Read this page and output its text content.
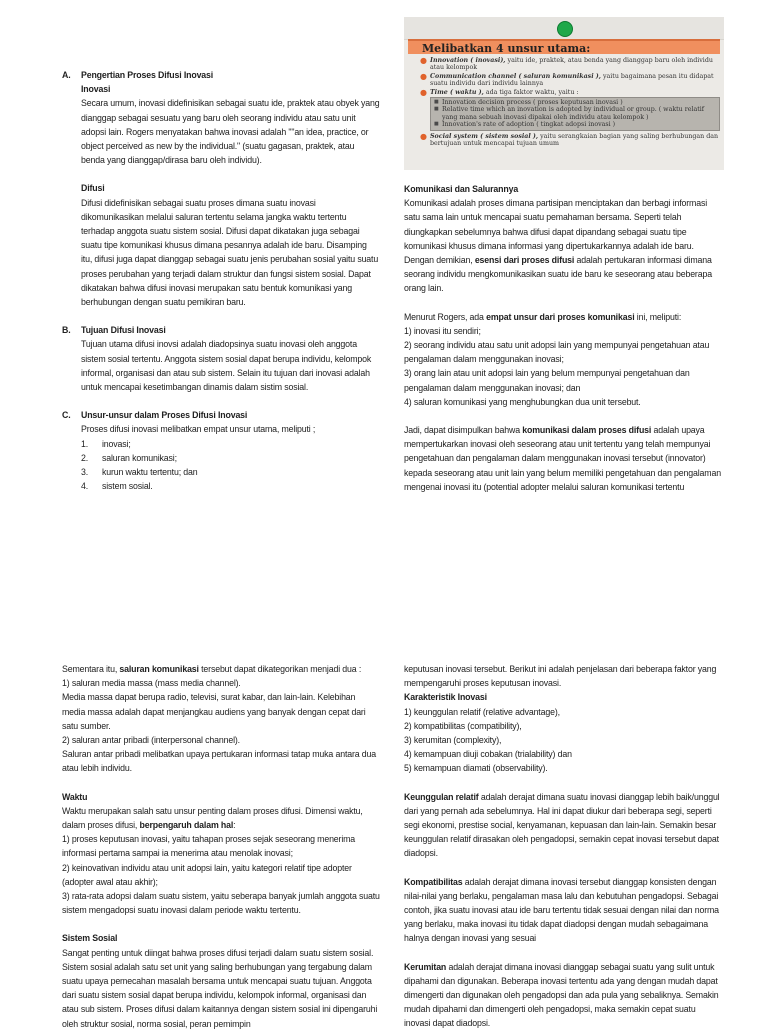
Melibatkan 4 unsur utama:
● Innovation ( inovasi), yaitu ide, praktek, atau benda yang dianggap baru oleh individu atau kelompok
● Communication channel ( saluran komunikasi ), yaitu bagaimana pesan itu didapat suatu individu dari individu lainnya
● Time ( waktu ), ada tiga faktor waktu, yaitu :
■ Innovation decision process ( proses keputusan inovasi )
■ Relative time which an inovation is adopted by individual or group. ( waktu relatif yang mana sebuah inovasi dipakai oleh individu atau kelompok )
■ Innovation's rate of adoption ( tingkat adopsi inovasi )
● Social system ( sistem sosial ), yaitu serangkaian bagian yang saling berhubungan dan bertujuan untuk mencapai tujuan umum
A.	Pengertian Proses Difusi Inovasi

Inovasi

Secara umum, inovasi didefinisikan sebagai suatu ide, praktek atau obyek yang dianggap sebagai sesuatu yang baru oleh seorang individu atau satu unit adopsi lain. Rogers menyatakan bahwa inovasi adalah ""an idea, practice, or object perceived as new by the individual." (suatu gagasan, praktek, atau benda yang dianggap/dirasa baru oleh individu).

Difusi

Difusi didefinisikan sebagai suatu proses dimana suatu inovasi dikomunikasikan melalui saluran tertentu selama jangka waktu tertentu terhadap anggota suatu sistem sosial. Difusi dapat dikatakan juga sebagai suatu tipe komunikasi khusus dimana pesannya adalah ide baru. Disamping itu, difusi juga dapat dianggap sebagai suatu jenis perubahan sosial yaitu suatu proses perubahan yang terjadi dalam struktur dan fungsi sistem sosial. Dapat dikatakan bahwa difusi inovasi merupakan satu bentuk komunikasi yang berhubungan dengan suatu pemikiran baru.

B.	Tujuan Difusi Inovasi

Tujuan utama difusi inovsi adalah diadopsinya suatu inovasi oleh anggota sistem sosial tertentu. Anggota sistem sosial dapat berupa individu, kelompok informal, organisasi dan atau sub sistem. Selain itu tujuan dari inovasi adalah untuk mencapai kesetimbangan dinamis dalam sistim sosial.

C.	Unsur-unsur dalam Proses Difusi Inovasi

Proses difusi inovasi melibatkan empat unsur utama, meliputi ;

1.	inovasi;
2.	saluran komunikasi;
3.	kurun waktu tertentu; dan
4.	sistem sosial.

Komunikasi dan Salurannya

Komunikasi adalah proses dimana partisipan menciptakan dan berbagi informasi satu sama lain untuk mencapai suatu pemahaman bersama. Seperti telah diungkapkan sebelumnya bahwa difusi dapat dipandang sebagai suatu tipe komunikasi khusus dimana informasi yang dipertukarkannya adalah ide baru. Dengan demikian, esensi dari proses difusi adalah pertukaran informasi dimana seorang individu mengkomunikasikan suatu ide baru ke seseorang atau beberapa orang lain.

Menurut Rogers, ada empat unsur dari proses komunikasi ini, meliputi:

1) inovasi itu sendiri;

2) seorang individu atau satu unit adopsi lain yang mempunyai pengetahuan atau pengalaman dalam menggunakan inovasi;

3) orang lain atau unit adopsi lain yang belum mempunyai pengetahuan dan pengalaman dalam menggunakan inovasi; dan

4) saluran komunikasi yang menghubungkan dua unit tersebut.

Jadi, dapat disimpulkan bahwa komunikasi dalam proses difusi adalah upaya mempertukarkan inovasi oleh seseorang atau unit tertentu yang telah mempunyai pengetahuan dan pengalaman dalam menggunakan inovasi tersebut (innovator) kepada seseorang atau unit lain yang belum memiliki pengetahuan dan pengalaman mengenai inovasi itu (potential adopter melalui saluran komunikasi tertentu

Sementara itu, saluran komunikasi tersebut dapat dikategorikan menjadi dua :

1) saluran media massa (mass media channel).

Media massa dapat berupa radio, televisi, surat kabar, dan lain-lain. Kelebihan media massa adalah dapat menjangkau audiens yang banyak dengan cepat dari satu sumber.

2) saluran antar pribadi (interpersonal channel).

Saluran antar pribadi melibatkan upaya pertukaran informasi tatap muka antara dua atau lebih individu.

Waktu

Waktu merupakan salah satu unsur penting dalam proses difusi. Dimensi waktu, dalam proses difusi, berpengaruh dalam hal:

1) proses keputusan inovasi, yaitu tahapan proses sejak seseorang menerima informasi pertama sampai ia menerima atau menolak inovasi;

2) keinovativan individu atau unit adopsi lain, yaitu kategori relatif tipe adopter (adopter awal atau akhir);

3) rata-rata adopsi dalam suatu sistem, yaitu seberapa banyak jumlah anggota suatu sistem mengadopsi suatu inovasi dalam periode waktu tertentu.

Sistem Sosial

Sangat penting untuk diingat bahwa proses difusi terjadi dalam suatu sistem sosial. Sistem sosial adalah satu set unit yang saling berhubungan yang tergabung dalam suatu upaya pemecahan masalah bersama untuk mencapai suatu tujuan. Anggota dari suatu sistem sosial dapat berupa individu, kelompok informal, organisasi dan atau sub sistem. Proses difusi dalam kaitannya dengan sistem sosial ini dipengaruhi oleh struktur sosial, norma sosial, peran pemimpin

keputusan inovasi tersebut. Berikut ini adalah penjelasan dari beberapa faktor yang mempengaruhi proses keputusan inovasi.

Karakteristik Inovasi

1) keunggulan relatif (relative advantage),

2) kompatibilitas (compatibility),

3) kerumitan (complexity),

4) kemampuan diuji cobakan (trialability) dan

5) kemampuan diamati (observability).

Keunggulan relatif adalah derajat dimana suatu inovasi dianggap lebih baik/unggul dari yang pernah ada sebelumnya. Hal ini dapat diukur dari beberapa segi, seperti segi ekonomi, prestise social, kenyamanan, kepuasan dan lain-lain. Semakin besar keunggulan relatif dirasakan oleh pengadopsi, semakin cepat inovasi tersebut dapat diadopsi.

Kompatibilitas adalah derajat dimana inovasi tersebut dianggap konsisten dengan nilai-nilai yang berlaku, pengalaman masa lalu dan kebutuhan pengadopsi. Sebagai contoh, jika suatu inovasi atau ide baru tertentu tidak sesuai dengan nilai dan norma yang berlaku, maka inovasi itu tidak dapat diadopsi dengan mudah sebagaimana halnya dengan inovasi yang sesuai

Kerumitan adalah derajat dimana inovasi dianggap sebagai suatu yang sulit untuk dipahami dan digunakan. Beberapa inovasi tertentu ada yang dengan mudah dapat dimengerti dan digunakan oleh pengadopsi dan ada pula yang sebaliknya. Semakin mudah dipahami dan dimengerti oleh pengadopsi, maka semakin cepat suatu inovasi dapat diadopsi.
